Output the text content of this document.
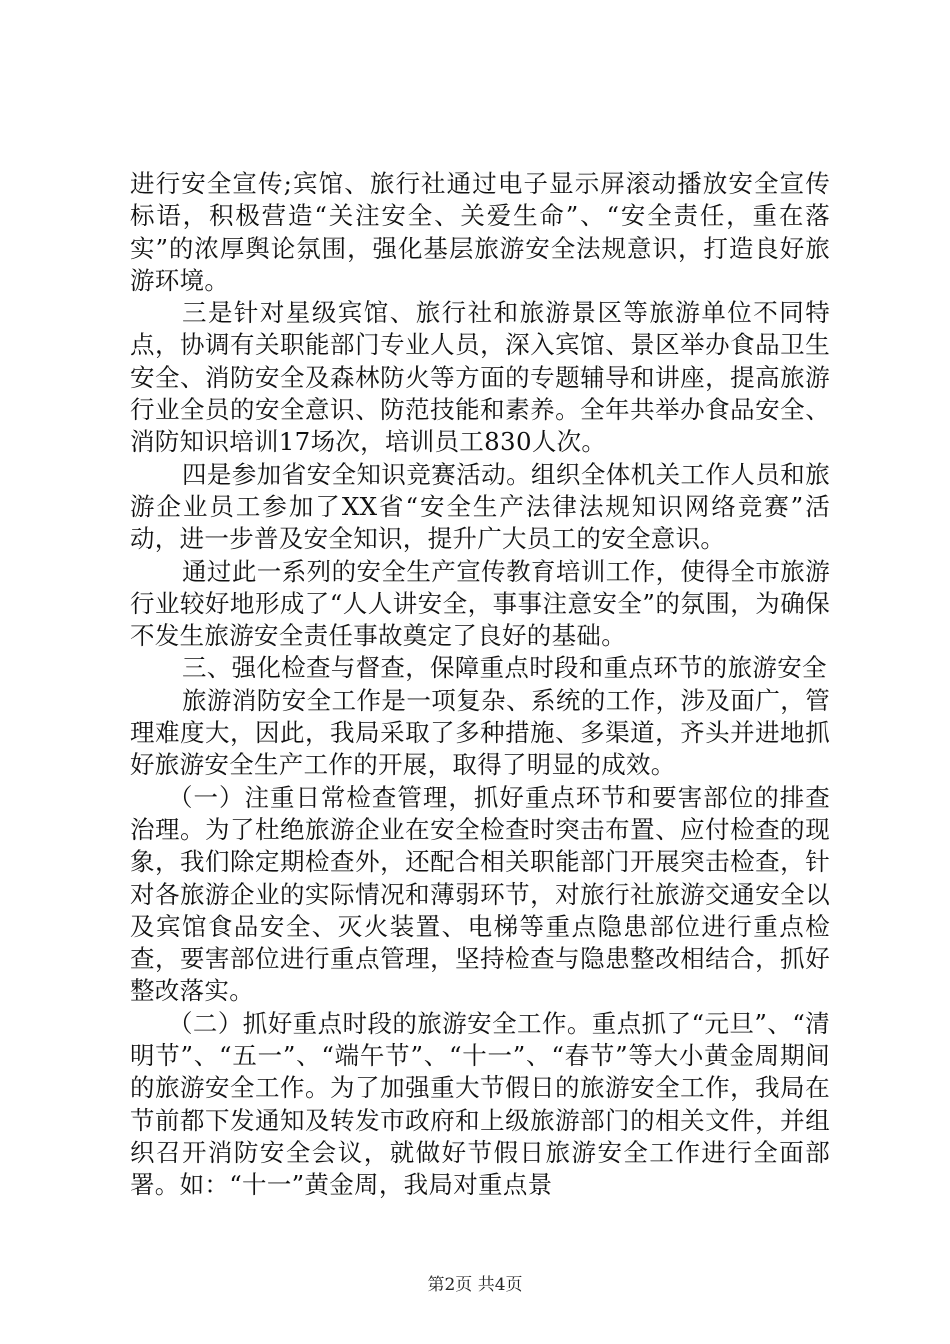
进行安全宣传;宾馆、旅行社通过电子显示屏滚动播放安全宣传标语，积极营造“关注安全、关爱生命”、“安全责任，重在落实”的浓厚舆论氛围，强化基层旅游安全法规意识，打造良好旅游环境。

三是针对星级宾馆、旅行社和旅游景区等旅游单位不同特点，协调有关职能部门专业人员，深入宾馆、景区举办食品卫生安全、消防安全及森林防火等方面的专题辅导和讲座，提高旅游行业全员的安全意识、防范技能和素养。全年共举办食品安全、消防知识培训17场次，培训员工830人次。

四是参加省安全知识竞赛活动。组织全体机关工作人员和旅游企业员工参加了XX省“安全生产法律法规知识网络竞赛”活动，进一步普及安全知识，提升广大员工的安全意识。

通过此一系列的安全生产宣传教育培训工作，使得全市旅游行业较好地形成了“人人讲安全，事事注意安全”的氛围，为确保不发生旅游安全责任事故奠定了良好的基础。

三、强化检查与督查，保障重点时段和重点环节的旅游安全

旅游消防安全工作是一项复杂、系统的工作，涉及面广，管理难度大，因此，我局采取了多种措施、多渠道，齐头并进地抓好旅游安全生产工作的开展，取得了明显的成效。

（一）注重日常检查管理，抓好重点环节和要害部位的排查治理。为了杜绝旅游企业在安全检查时突击布置、应付检查的现象，我们除定期检查外，还配合相关职能部门开展突击检查，针对各旅游企业的实际情况和薄弱环节，对旅行社旅游交通安全以及宾馆食品安全、灭火装置、电梯等重点隐患部位进行重点检查，要害部位进行重点管理，坚持检查与隐患整改相结合，抓好整改落实。

（二）抓好重点时段的旅游安全工作。重点抓了“元旦”、“清明节”、“五一”、“端午节”、“十一”、“春节”等大小黄金周期间的旅游安全工作。为了加强重大节假日的旅游安全工作，我局在节前都下发通知及转发市政府和上级旅游部门的相关文件，并组织召开消防安全会议，就做好节假日旅游安全工作进行全面部署。如：“十一”黄金周，我局对重点景

第2页 共4页
